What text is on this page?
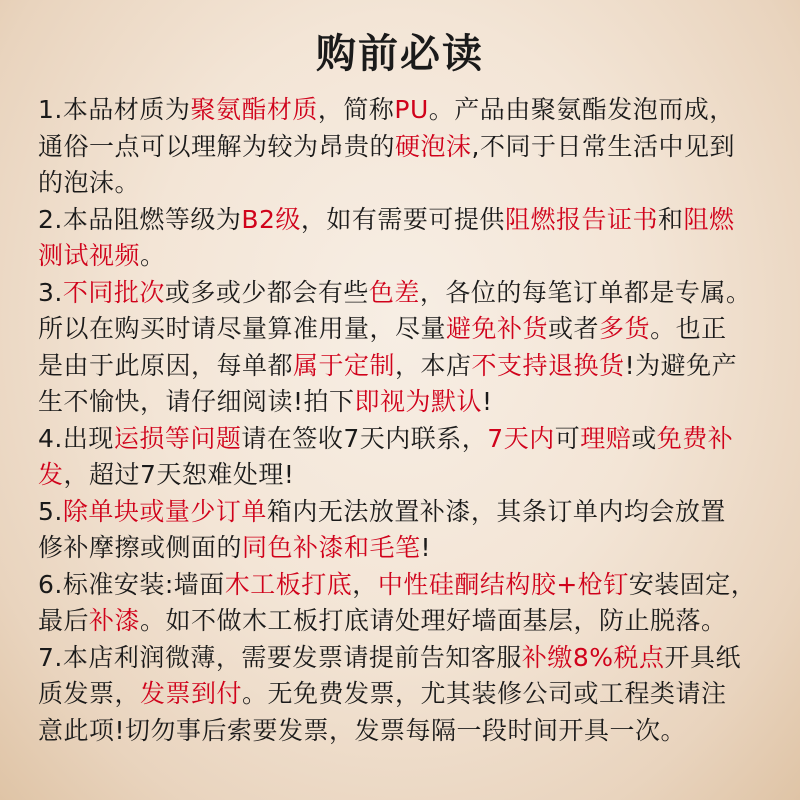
购前必读
1.本品材质为聚氨酯材质，简称PU。产品由聚氨酯发泡而成，
通俗一点可以理解为较为昂贵的硬泡沫,不同于日常生活中见到
的泡沫。
2.本品阻燃等级为B2级，如有需要可提供阻燃报告证书和阻燃
测试视频。
3.不同批次或多或少都会有些色差，各位的每笔订单都是专属。
所以在购买时请尽量算准用量，尽量避免补货或者多货。也正
是由于此原因，每单都属于定制，本店不支持退换货!为避免产
生不愉快，请仔细阅读!拍下即视为默认!
4.出现运损等问题请在签收7天内联系，7天内可理赔或免费补
发，超过7天恕难处理!
5.除单块或量少订单箱内无法放置补漆，其条订单内均会放置
修补摩擦或侧面的同色补漆和毛笔!
6.标准安装:墙面木工板打底，中性硅酮结构胶+枪钉安装固定，
最后补漆。如不做木工板打底请处理好墙面基层，防止脱落。
7.本店利润微薄，需要发票请提前告知客服补缴8%税点开具纸
质发票，发票到付。无免费发票，尤其装修公司或工程类请注
意此项!切勿事后索要发票，发票每隔一段时间开具一次。
